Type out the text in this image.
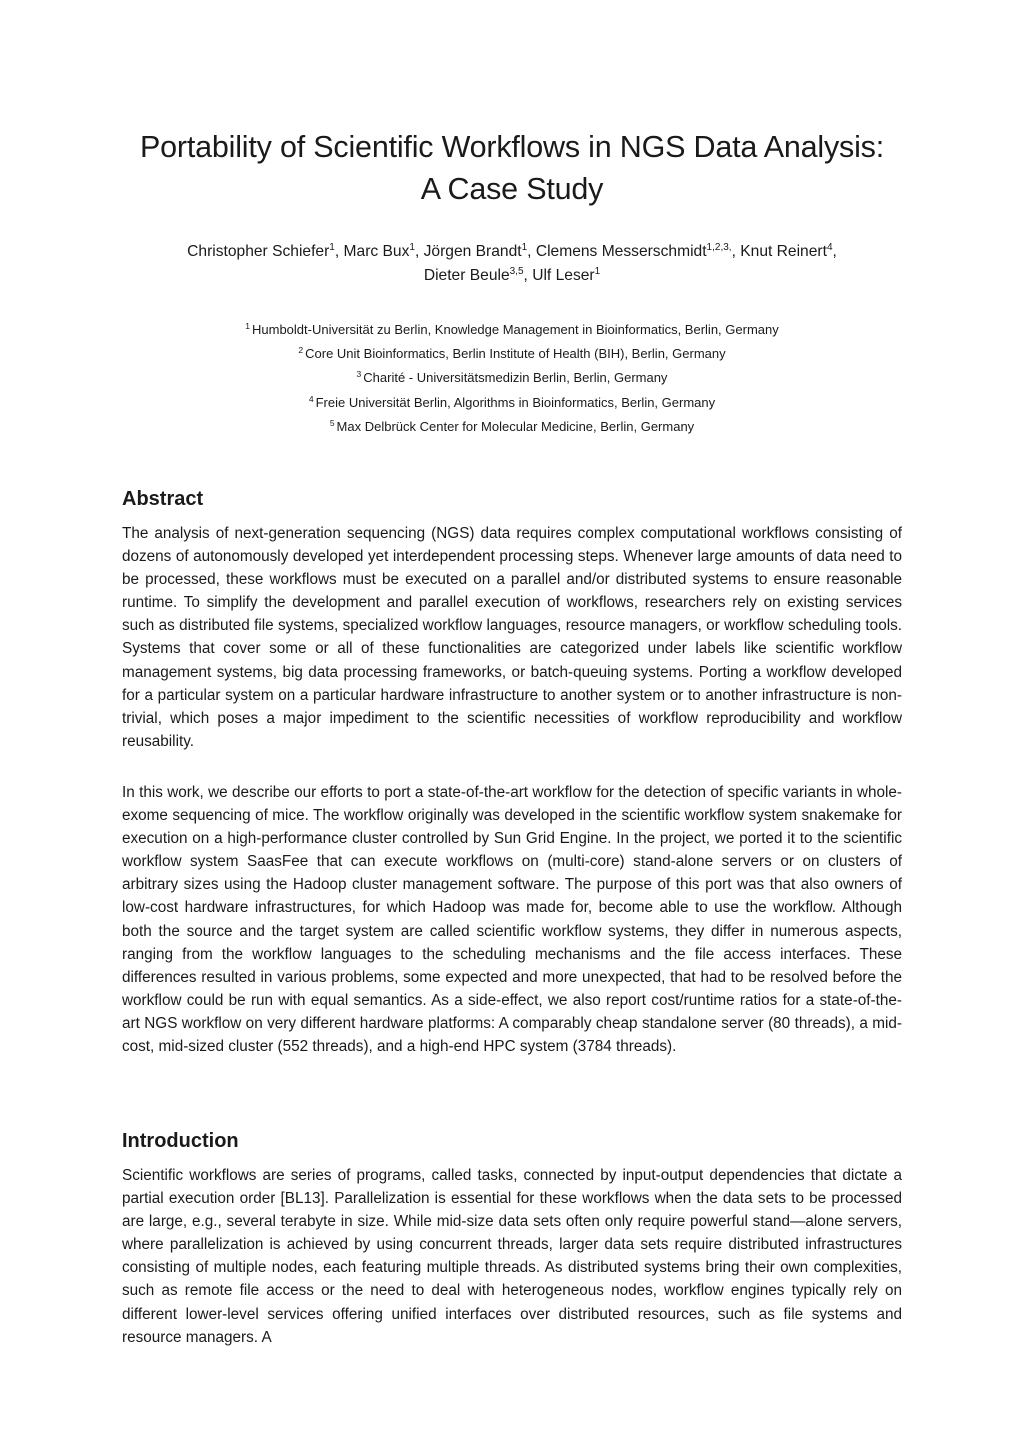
Portability of Scientific Workflows in NGS Data Analysis:
A Case Study

Christopher Schiefer$^1$, Marc Bux$^1$, Jörgen Brandt$^1$, Clemens Messerschmidt$^{1,2,3,}$, Knut Reinert$^4$,
Dieter Beule$^{3,5}$, Ulf Leser$^1$

$^1$ Humboldt-Universität zu Berlin, Knowledge Management in Bioinformatics, Berlin, Germany
$^2$ Core Unit Bioinformatics, Berlin Institute of Health (BIH), Berlin, Germany
$^3$ Charité - Universitätsmedizin Berlin, Berlin, Germany
$^4$ Freie Universität Berlin, Algorithms in Bioinformatics, Berlin, Germany
$^5$ Max Delbrück Center for Molecular Medicine, Berlin, Germany
Abstract

The analysis of next-generation sequencing (NGS) data requires complex computational workflows consisting of dozens of autonomously developed yet interdependent processing steps. Whenever large amounts of data need to be processed, these workflows must be executed on a parallel and/or distributed systems to ensure reasonable runtime. To simplify the development and parallel execution of workflows, researchers rely on existing services such as distributed file systems, specialized workflow languages, resource managers, or workflow scheduling tools. Systems that cover some or all of these functionalities are categorized under labels like scientific workflow management systems, big data processing frameworks, or batch-queuing systems. Porting a workflow developed for a particular system on a particular hardware infrastructure to another system or to another infrastructure is non-trivial, which poses a major impediment to the scientific necessities of workflow reproducibility and workflow reusability.

In this work, we describe our efforts to port a state-of-the-art workflow for the detection of specific variants in whole-exome sequencing of mice. The workflow originally was developed in the scientific workflow system snakemake for execution on a high-performance cluster controlled by Sun Grid Engine. In the project, we ported it to the scientific workflow system SaasFee that can execute workflows on (multi-core) stand-alone servers or on clusters of arbitrary sizes using the Hadoop cluster management software. The purpose of this port was that also owners of low-cost hardware infrastructures, for which Hadoop was made for, become able to use the workflow. Although both the source and the target system are called scientific workflow systems, they differ in numerous aspects, ranging from the workflow languages to the scheduling mechanisms and the file access interfaces. These differences resulted in various problems, some expected and more unexpected, that had to be resolved before the workflow could be run with equal semantics. As a side-effect, we also report cost/runtime ratios for a state-of-the-art NGS workflow on very different hardware platforms: A comparably cheap standalone server (80 threads), a mid-cost, mid-sized cluster (552 threads), and a high-end HPC system (3784 threads).

Introduction

Scientific workflows are series of programs, called tasks, connected by input-output dependencies that dictate a partial execution order [BL13]. Parallelization is essential for these workflows when the data sets to be processed are large, e.g., several terabyte in size. While mid-size data sets often only require powerful stand—alone servers, where parallelization is achieved by using concurrent threads, larger data sets require distributed infrastructures consisting of multiple nodes, each featuring multiple threads. As distributed systems bring their own complexities, such as remote file access or the need to deal with heterogeneous nodes, workflow engines typically rely on different lower-level services offering unified interfaces over distributed resources, such as file systems and resource managers. A
